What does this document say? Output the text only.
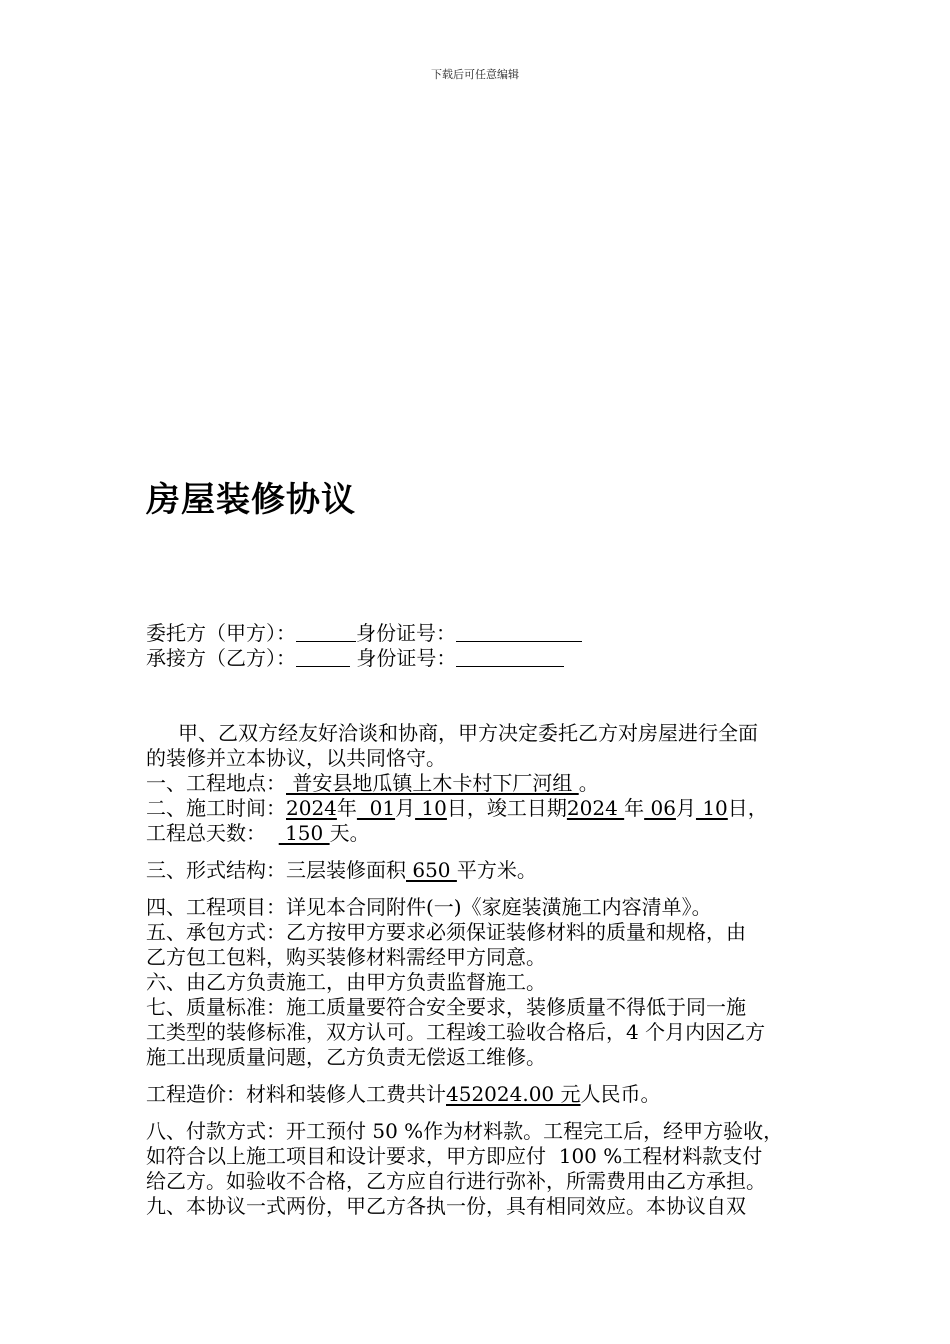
下载后可任意编辑
房屋装修协议
委托方（甲方）：	身份证号：
承接方（乙方）：	身份证号：
甲、乙双方经友好洽谈和协商，甲方决定委托乙方对房屋进行全面
的装修并立本协议，以共同恪守。
一、工程地点： 普安县地瓜镇上木卡村下厂河组 。
二、施工时间：2024年  01月 10日，竣工日期2024 年 06月 10日，
工程总天数：   150 天。
三、形式结构：三层装修面积 650 平方米。
四、工程项目：详见本合同附件(一)《家庭装潢施工内容清单》。
五、承包方式：乙方按甲方要求必须保证装修材料的质量和规格，由
乙方包工包料，购买装修材料需经甲方同意。
六、由乙方负责施工，由甲方负责监督施工。
七、质量标准：施工质量要符合安全要求，装修质量不得低于同一施
工类型的装修标准，双方认可。工程竣工验收合格后，4 个月内因乙方
施工出现质量问题，乙方负责无偿返工维修。
工程造价：材料和装修人工费共计452024.00 元人民币。
八、付款方式：开工预付 50 %作为材料款。工程完工后，经甲方验收，
如符合以上施工项目和设计要求，甲方即应付  100 %工程材料款支付
给乙方。如验收不合格，乙方应自行进行弥补，所需费用由乙方承担。
九、本协议一式两份，甲乙方各执一份，具有相同效应。本协议自双
